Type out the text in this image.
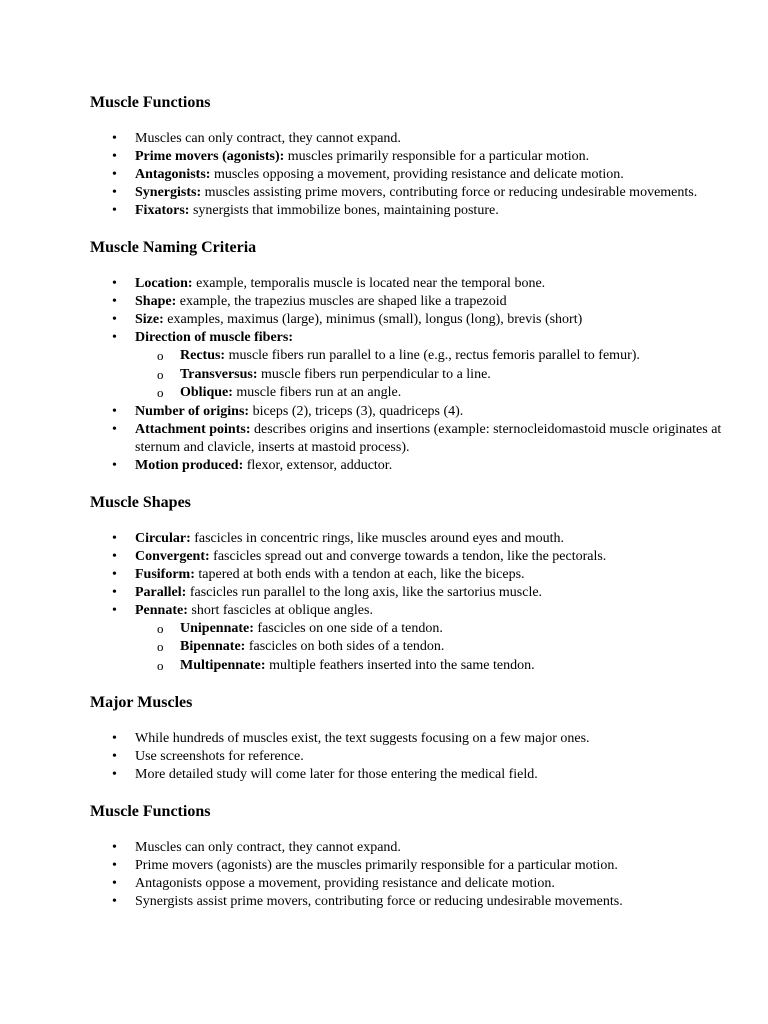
Muscle Functions
• Muscles can only contract, they cannot expand.
• Prime movers (agonists): muscles primarily responsible for a particular motion.
• Antagonists: muscles opposing a movement, providing resistance and delicate motion.
• Synergists: muscles assisting prime movers, contributing force or reducing undesirable movements.
• Fixators: synergists that immobilize bones, maintaining posture.
Muscle Naming Criteria
• Location: example, temporalis muscle is located near the temporal bone.
• Shape: example, the trapezius muscles are shaped like a trapezoid
• Size: examples, maximus (large), minimus (small), longus (long), brevis (short)
• Direction of muscle fibers:
o Rectus: muscle fibers run parallel to a line (e.g., rectus femoris parallel to femur).
o Transversus: muscle fibers run perpendicular to a line.
o Oblique: muscle fibers run at an angle.
• Number of origins: biceps (2), triceps (3), quadriceps (4).
• Attachment points: describes origins and insertions (example: sternocleidomastoid muscle originates at sternum and clavicle, inserts at mastoid process).
• Motion produced: flexor, extensor, adductor.
Muscle Shapes
• Circular: fascicles in concentric rings, like muscles around eyes and mouth.
• Convergent: fascicles spread out and converge towards a tendon, like the pectorals.
• Fusiform: tapered at both ends with a tendon at each, like the biceps.
• Parallel: fascicles run parallel to the long axis, like the sartorius muscle.
• Pennate: short fascicles at oblique angles.
o Unipennate: fascicles on one side of a tendon.
o Bipennate: fascicles on both sides of a tendon.
o Multipennate: multiple feathers inserted into the same tendon.
Major Muscles
• While hundreds of muscles exist, the text suggests focusing on a few major ones.
• Use screenshots for reference.
• More detailed study will come later for those entering the medical field.
Muscle Functions
• Muscles can only contract, they cannot expand.
• Prime movers (agonists) are the muscles primarily responsible for a particular motion.
• Antagonists oppose a movement, providing resistance and delicate motion.
• Synergists assist prime movers, contributing force or reducing undesirable movements.
